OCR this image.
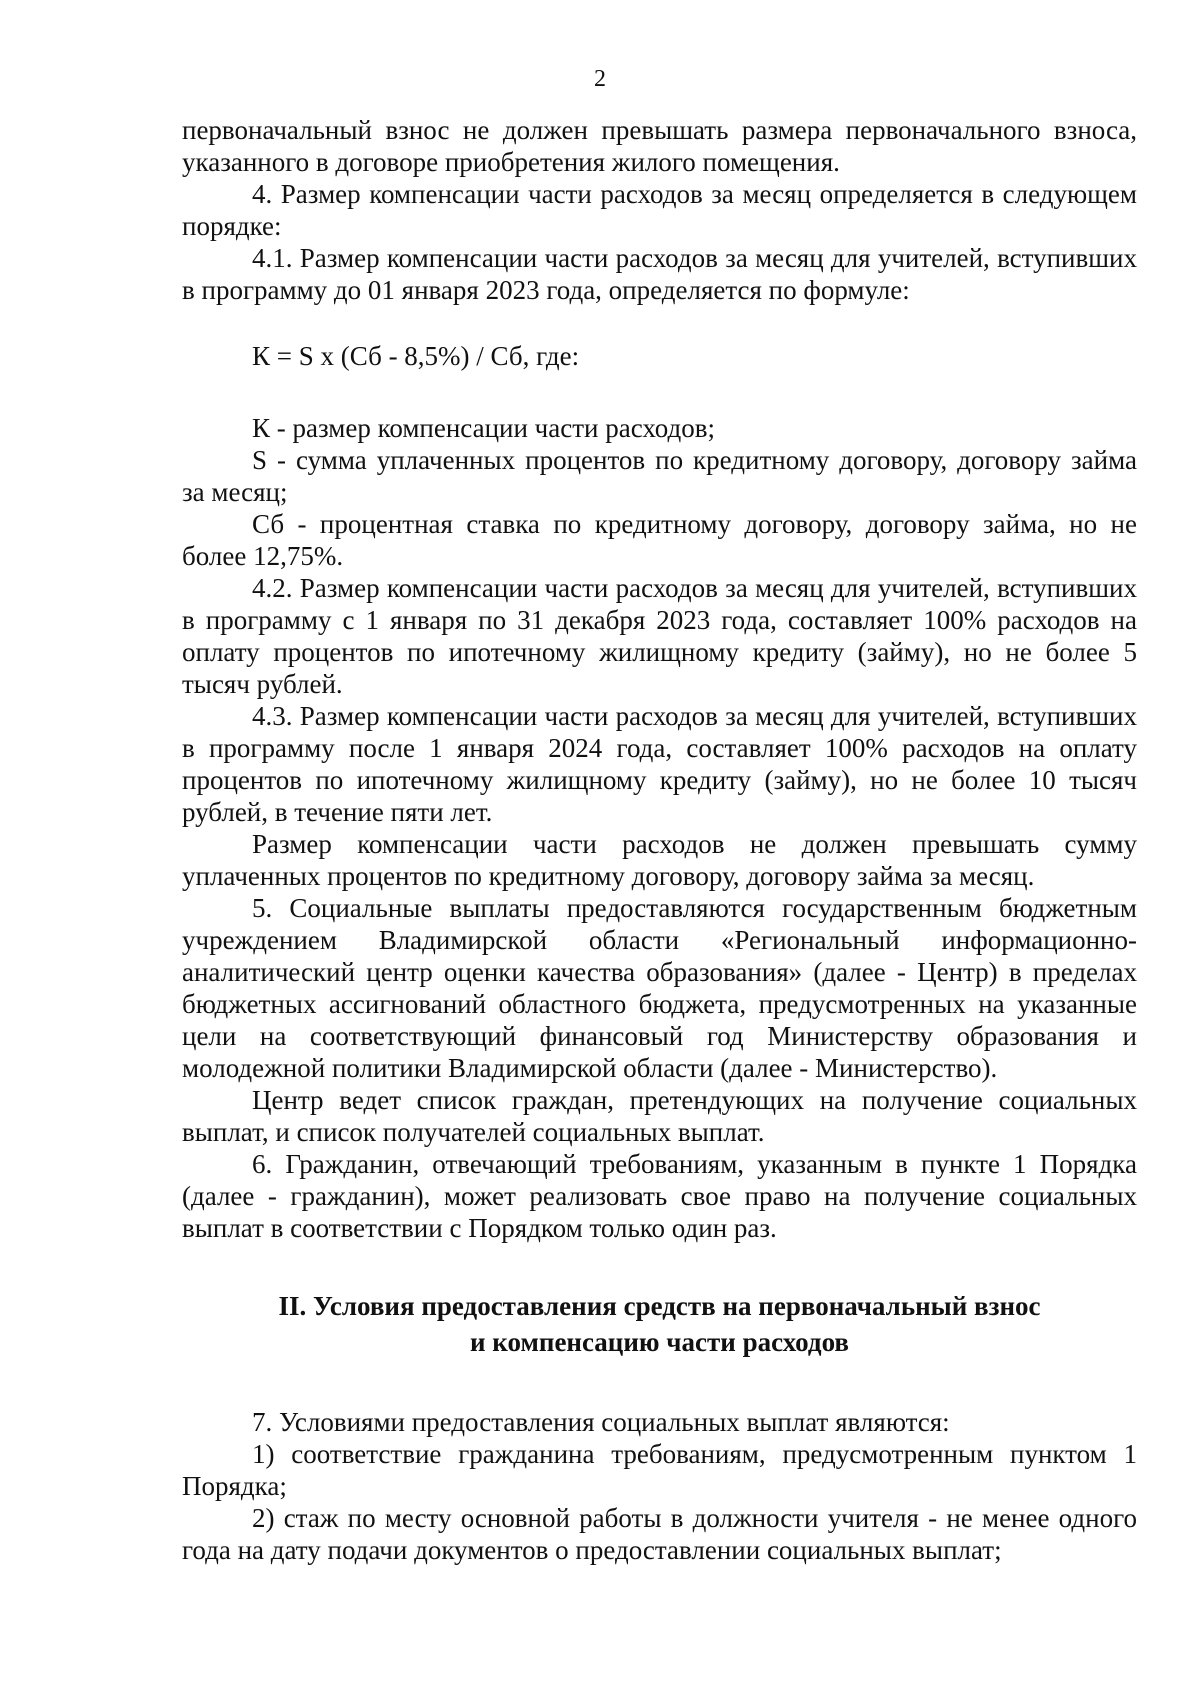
2

первоначальный взнос не должен превышать размера первоначального взноса, указанного в договоре приобретения жилого помещения.

4. Размер компенсации части расходов за месяц определяется в следующем порядке:

4.1. Размер компенсации части расходов за месяц для учителей, вступивших в программу до 01 января 2023 года, определяется по формуле:

К = S х (Сб - 8,5%) / Сб, где:

К - размер компенсации части расходов;

S - сумма уплаченных процентов по кредитному договору, договору займа за месяц;

Сб - процентная ставка по кредитному договору, договору займа, но не более 12,75%.

4.2. Размер компенсации части расходов за месяц для учителей, вступивших в программу с 1 января по 31 декабря 2023 года, составляет 100% расходов на оплату процентов по ипотечному жилищному кредиту (займу), но не более 5 тысяч рублей.

4.3. Размер компенсации части расходов за месяц для учителей, вступивших в программу после 1 января 2024 года, составляет 100% расходов на оплату процентов по ипотечному жилищному кредиту (займу), но не более 10 тысяч рублей, в течение пяти лет.

Размер компенсации части расходов не должен превышать сумму уплаченных процентов по кредитному договору, договору займа за месяц.

5. Социальные выплаты предоставляются государственным бюджетным учреждением Владимирской области «Региональный информационно-аналитический центр оценки качества образования» (далее - Центр) в пределах бюджетных ассигнований областного бюджета, предусмотренных на указанные цели на соответствующий финансовый год Министерству образования и молодежной политики Владимирской области (далее - Министерство).

Центр ведет список граждан, претендующих на получение социальных выплат, и список получателей социальных выплат.

6. Гражданин, отвечающий требованиям, указанным в пункте 1 Порядка (далее - гражданин), может реализовать свое право на получение социальных выплат в соответствии с Порядком только один раз.

II. Условия предоставления средств на первоначальный взнос
и компенсацию части расходов

7. Условиями предоставления социальных выплат являются:

1) соответствие гражданина требованиям, предусмотренным пунктом 1 Порядка;

2) стаж по месту основной работы в должности учителя - не менее одного года на дату подачи документов о предоставлении социальных выплат;
